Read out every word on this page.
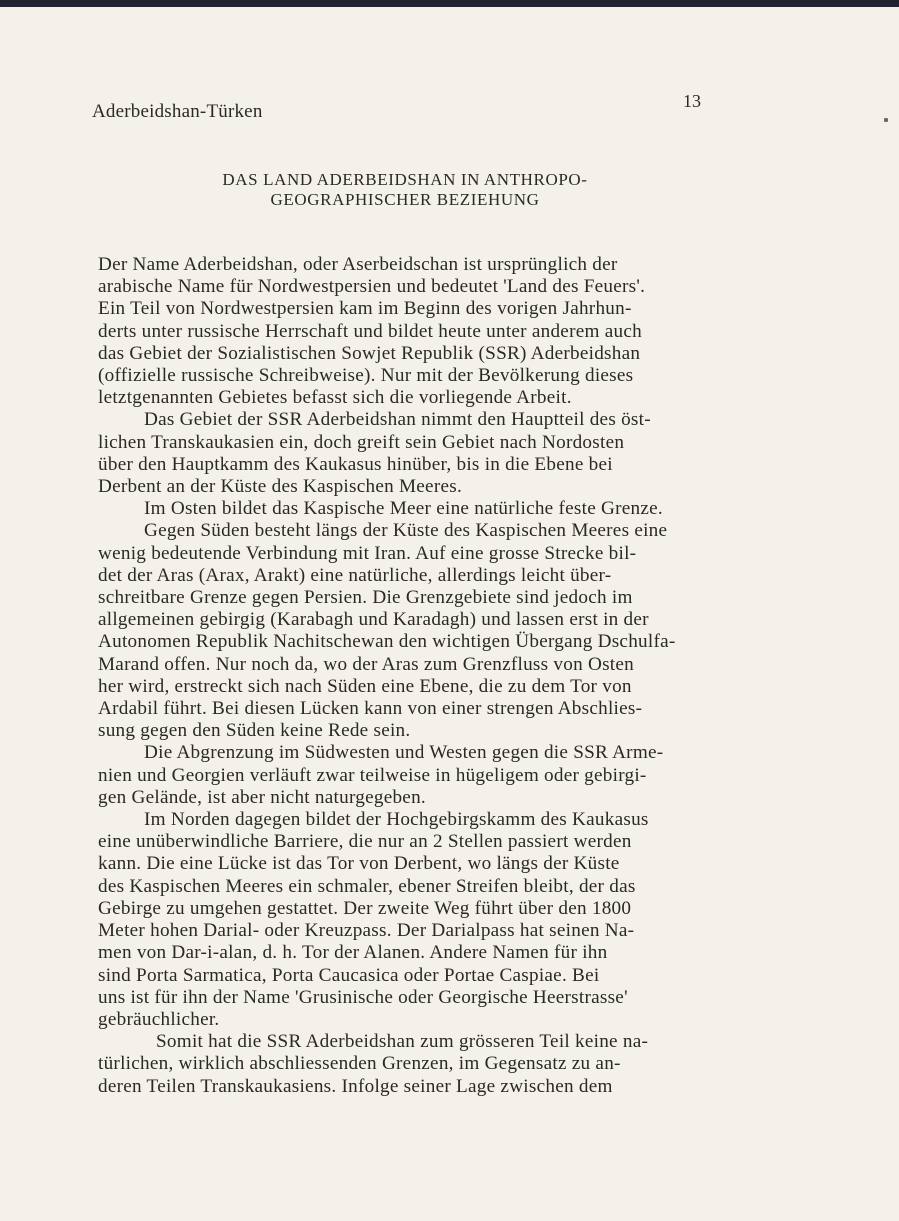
Aderbeidshan-Türken	13
DAS LAND ADERBEIDSHAN IN ANTHROPO-
GEOGRAPHISCHER BEZIEHUNG
Der Name Aderbeidshan, oder Aserbeidschan ist ursprünglich der
arabische Name für Nordwestpersien und bedeutet 'Land des Feuers'.
Ein Teil von Nordwestpersien kam im Beginn des vorigen Jahrhun-
derts unter russische Herrschaft und bildet heute unter anderem auch
das Gebiet der Sozialistischen Sowjet Republik (SSR) Aderbeidshan
(offizielle russische Schreibweise). Nur mit der Bevölkerung dieses
letztgenannten Gebietes befasst sich die vorliegende Arbeit.
Das Gebiet der SSR Aderbeidshan nimmt den Hauptteil des öst-
lichen Transkaukasien ein, doch greift sein Gebiet nach Nordosten
über den Hauptkamm des Kaukasus hinüber, bis in die Ebene bei
Derbent an der Küste des Kaspischen Meeres.
Im Osten bildet das Kaspische Meer eine natürliche feste Grenze.
Gegen Süden besteht längs der Küste des Kaspischen Meeres eine
wenig bedeutende Verbindung mit Iran. Auf eine grosse Strecke bil-
det der Aras (Arax, Arakt) eine natürliche, allerdings leicht über-
schreitbare Grenze gegen Persien. Die Grenzgebiete sind jedoch im
allgemeinen gebirgig (Karabagh und Karadagh) und lassen erst in der
Autonomen Republik Nachitschewan den wichtigen Übergang Dschulfa-
Marand offen. Nur noch da, wo der Aras zum Grenzfluss von Osten
her wird, erstreckt sich nach Süden eine Ebene, die zu dem Tor von
Ardabil führt. Bei diesen Lücken kann von einer strengen Abschlies-
sung gegen den Süden keine Rede sein.
Die Abgrenzung im Südwesten und Westen gegen die SSR Arme-
nien und Georgien verläuft zwar teilweise in hügeligem oder gebirgi-
gen Gelände, ist aber nicht naturgegeben.
Im Norden dagegen bildet der Hochgebirgskamm des Kaukasus
eine unüberwindliche Barriere, die nur an 2 Stellen passiert werden
kann. Die eine Lücke ist das Tor von Derbent, wo längs der Küste
des Kaspischen Meeres ein schmaler, ebener Streifen bleibt, der das
Gebirge zu umgehen gestattet. Der zweite Weg führt über den 1800
Meter hohen Darial- oder Kreuzpass. Der Darialpass hat seinen Na-
men von Dar-i-alan, d. h. Tor der Alanen. Andere Namen für ihn
sind Porta Sarmatica, Porta Caucasica oder Portae Caspiae. Bei
uns ist für ihn der Name 'Grusinische oder Georgische Heerstrasse'
gebräuchlicher.
Somit hat die SSR Aderbeidshan zum grösseren Teil keine na-
türlichen, wirklich abschliessenden Grenzen, im Gegensatz zu an-
deren Teilen Transkaukasiens. Infolge seiner Lage zwischen dem
